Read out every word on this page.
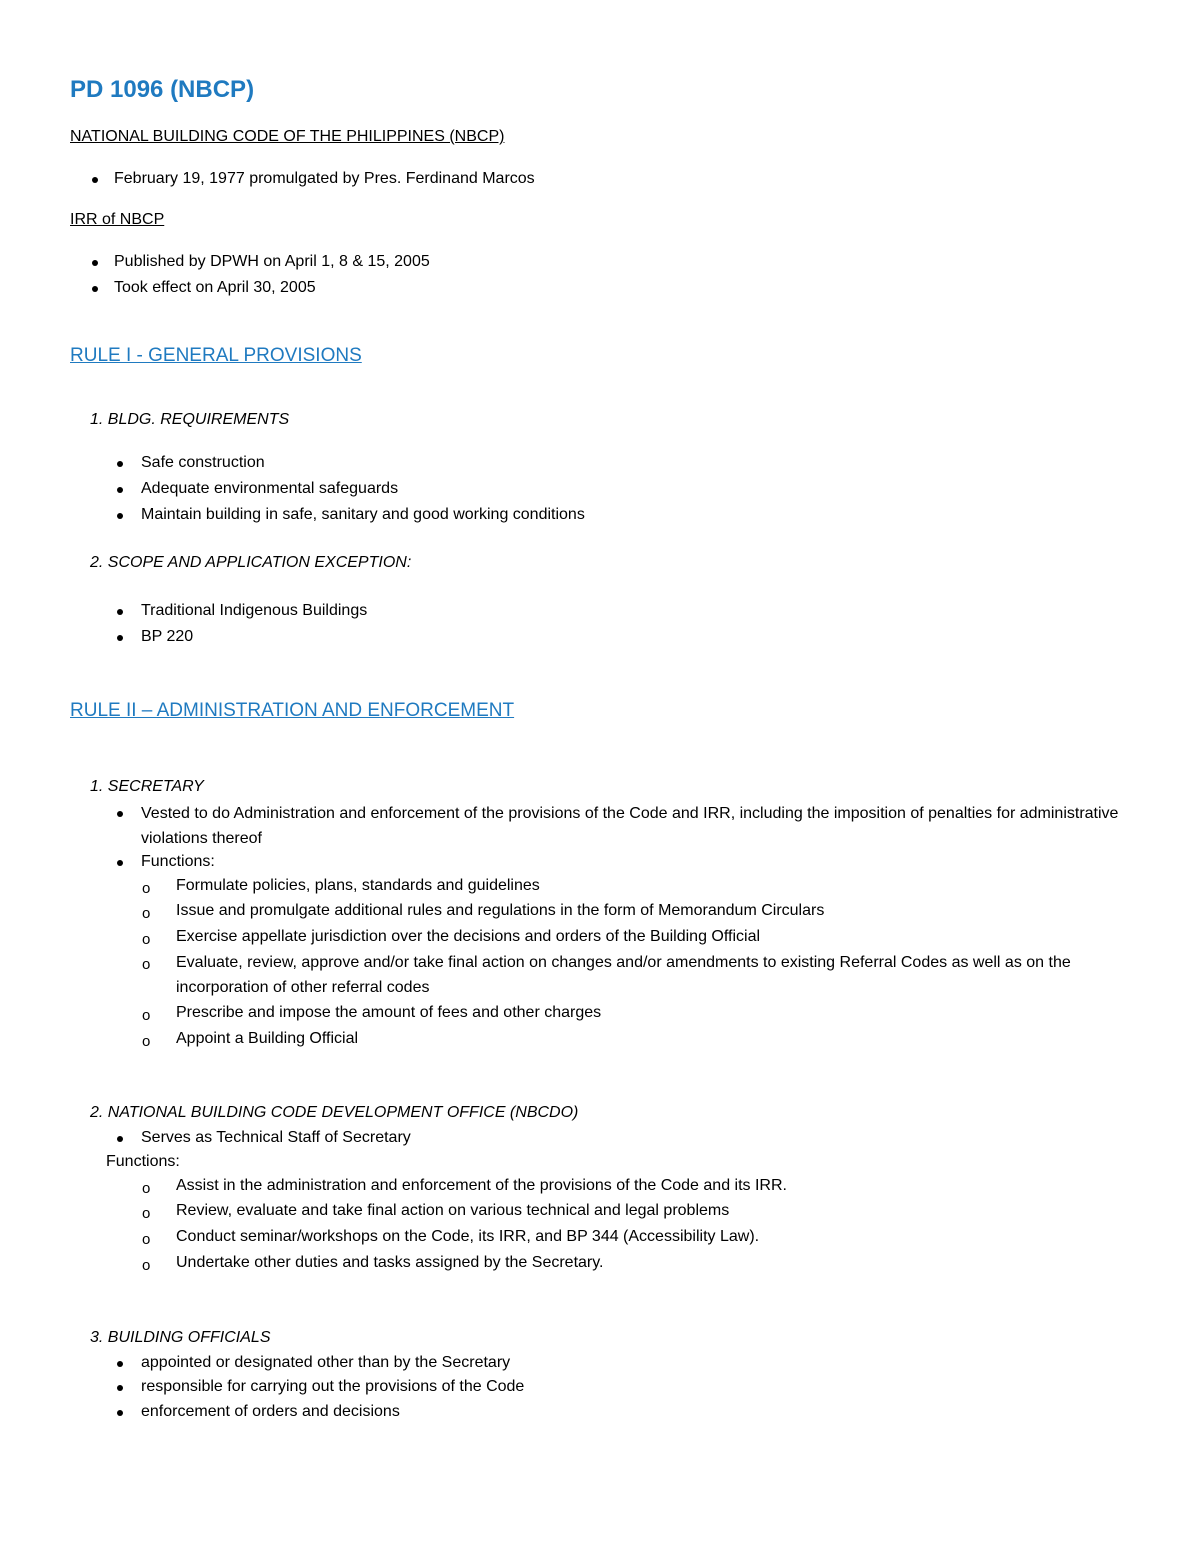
PD 1096 (NBCP)
NATIONAL BUILDING CODE OF THE PHILIPPINES (NBCP)
February 19, 1977 promulgated by Pres. Ferdinand Marcos
IRR of NBCP
Published by DPWH on April 1, 8 & 15, 2005
Took effect on April 30, 2005
RULE I - GENERAL PROVISIONS
1. BLDG. REQUIREMENTS
Safe construction
Adequate environmental safeguards
Maintain building in safe, sanitary and good working conditions
2. SCOPE AND APPLICATION EXCEPTION:
Traditional Indigenous Buildings
BP 220
RULE II – ADMINISTRATION AND ENFORCEMENT
1. SECRETARY
Vested to do Administration and enforcement of the provisions of the Code and IRR, including the imposition of penalties for administrative violations thereof
Functions:
o Formulate policies, plans, standards and guidelines
o Issue and promulgate additional rules and regulations in the form of Memorandum Circulars
o Exercise appellate jurisdiction over the decisions and orders of the Building Official
o Evaluate, review, approve and/or take final action on changes and/or amendments to existing Referral Codes as well as on the incorporation of other referral codes
o Prescribe and impose the amount of fees and other charges
o Appoint a Building Official
2. NATIONAL BUILDING CODE DEVELOPMENT OFFICE (NBCDO)
Serves as Technical Staff of Secretary
Functions:
o Assist in the administration and enforcement of the provisions of the Code and its IRR.
o Review, evaluate and take final action on various technical and legal problems
o Conduct seminar/workshops on the Code, its IRR, and BP 344 (Accessibility Law).
o Undertake other duties and tasks assigned by the Secretary.
3. BUILDING OFFICIALS
appointed or designated other than by the Secretary
responsible for carrying out the provisions of the Code
enforcement of orders and decisions
